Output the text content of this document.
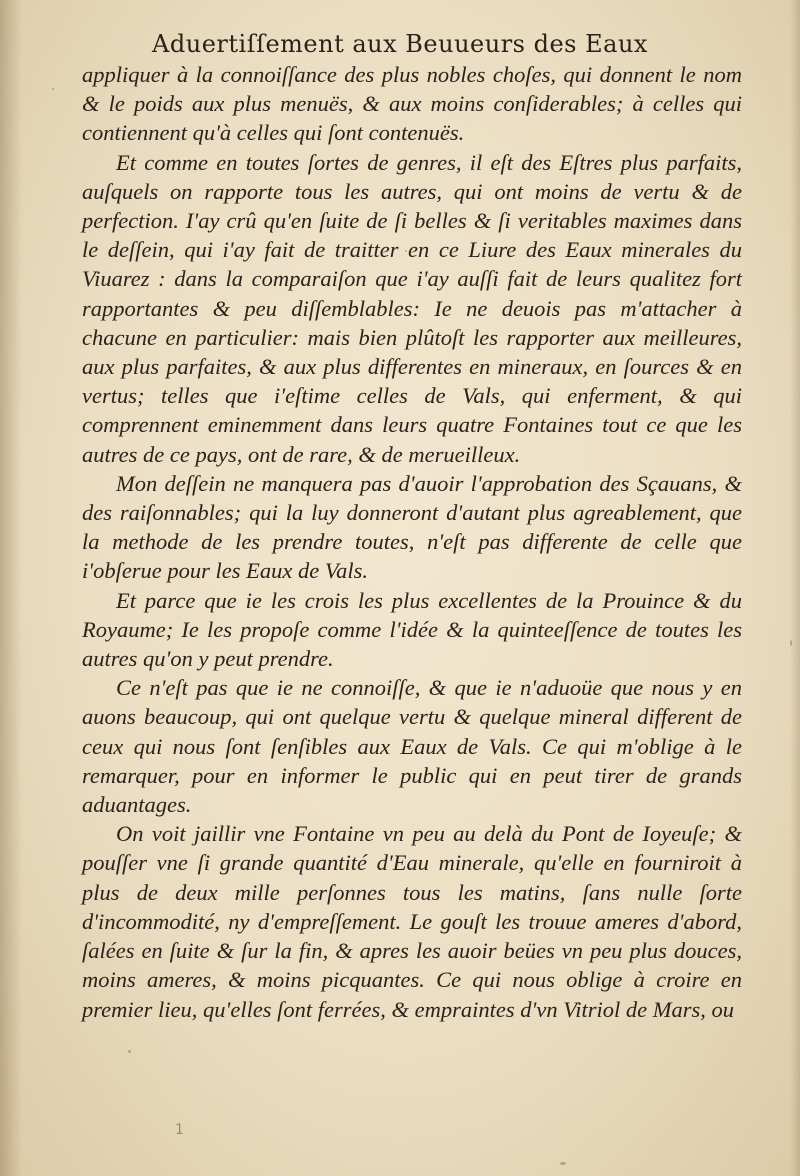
Aduertiſſement aux Beuueurs des Eaux

appliquer à la connoiſſance des plus nobles choſes, qui donnent le nom & le poids aux plus menuës, & aux moins conſiderables; à celles qui contiennent qu'à celles qui ſont contenuës.

Et comme en toutes ſortes de genres, il eſt des Eſtres plus parfaits, auſquels on rapporte tous les autres, qui ont moins de vertu & de perfection. I'ay crû qu'en ſuite de ſi belles & ſi veritables maximes dans le deſſein, qui i'ay fait de traitter en ce Liure des Eaux minerales du Viuarez : dans la comparaiſon que i'ay auſſi fait de leurs qualitez fort rapportantes & peu diſſemblables: Ie ne deuois pas m'attacher à chacune en particulier: mais bien plûtoſt les rapporter aux meilleures, aux plus parfaites, & aux plus differentes en mineraux, en ſources & en vertus; telles que i'eſtime celles de Vals, qui enferment, & qui comprennent eminemment dans leurs quatre Fontaines tout ce que les autres de ce pays, ont de rare, & de merueilleux.

Mon deſſein ne manquera pas d'auoir l'approbation des Sçauans, & des raiſonnables; qui la luy donneront d'autant plus agreablement, que la methode de les prendre toutes, n'eſt pas differente de celle que i'obſerue pour les Eaux de Vals.

Et parce que ie les crois les plus excellentes de la Prouince & du Royaume; Ie les propoſe comme l'idée & la quinteeſſence de toutes les autres qu'on y peut prendre.

Ce n'eſt pas que ie ne connoiſſe, & que ie n'aduoüe que nous y en auons beaucoup, qui ont quelque vertu & quelque mineral different de ceux qui nous ſont ſenſibles aux Eaux de Vals. Ce qui m'oblige à le remarquer, pour en informer le public qui en peut tirer de grands aduantages.

On voit jaillir vne Fontaine vn peu au delà du Pont de Ioyeuſe; & pouſſer vne ſi grande quantité d'Eau minerale, qu'elle en fourniroit à plus de deux mille perſonnes tous les matins, ſans nulle ſorte d'incommodité, ny d'empreſſement. Le gouſt les trouue ameres d'abord, ſalées en ſuite & ſur la fin, & apres les auoir beües vn peu plus douces, moins ameres, & moins picquantes. Ce qui nous oblige à croire en premier lieu, qu'elles ſont ferrées, & empraintes d'vn Vitriol de Mars, ou

1
